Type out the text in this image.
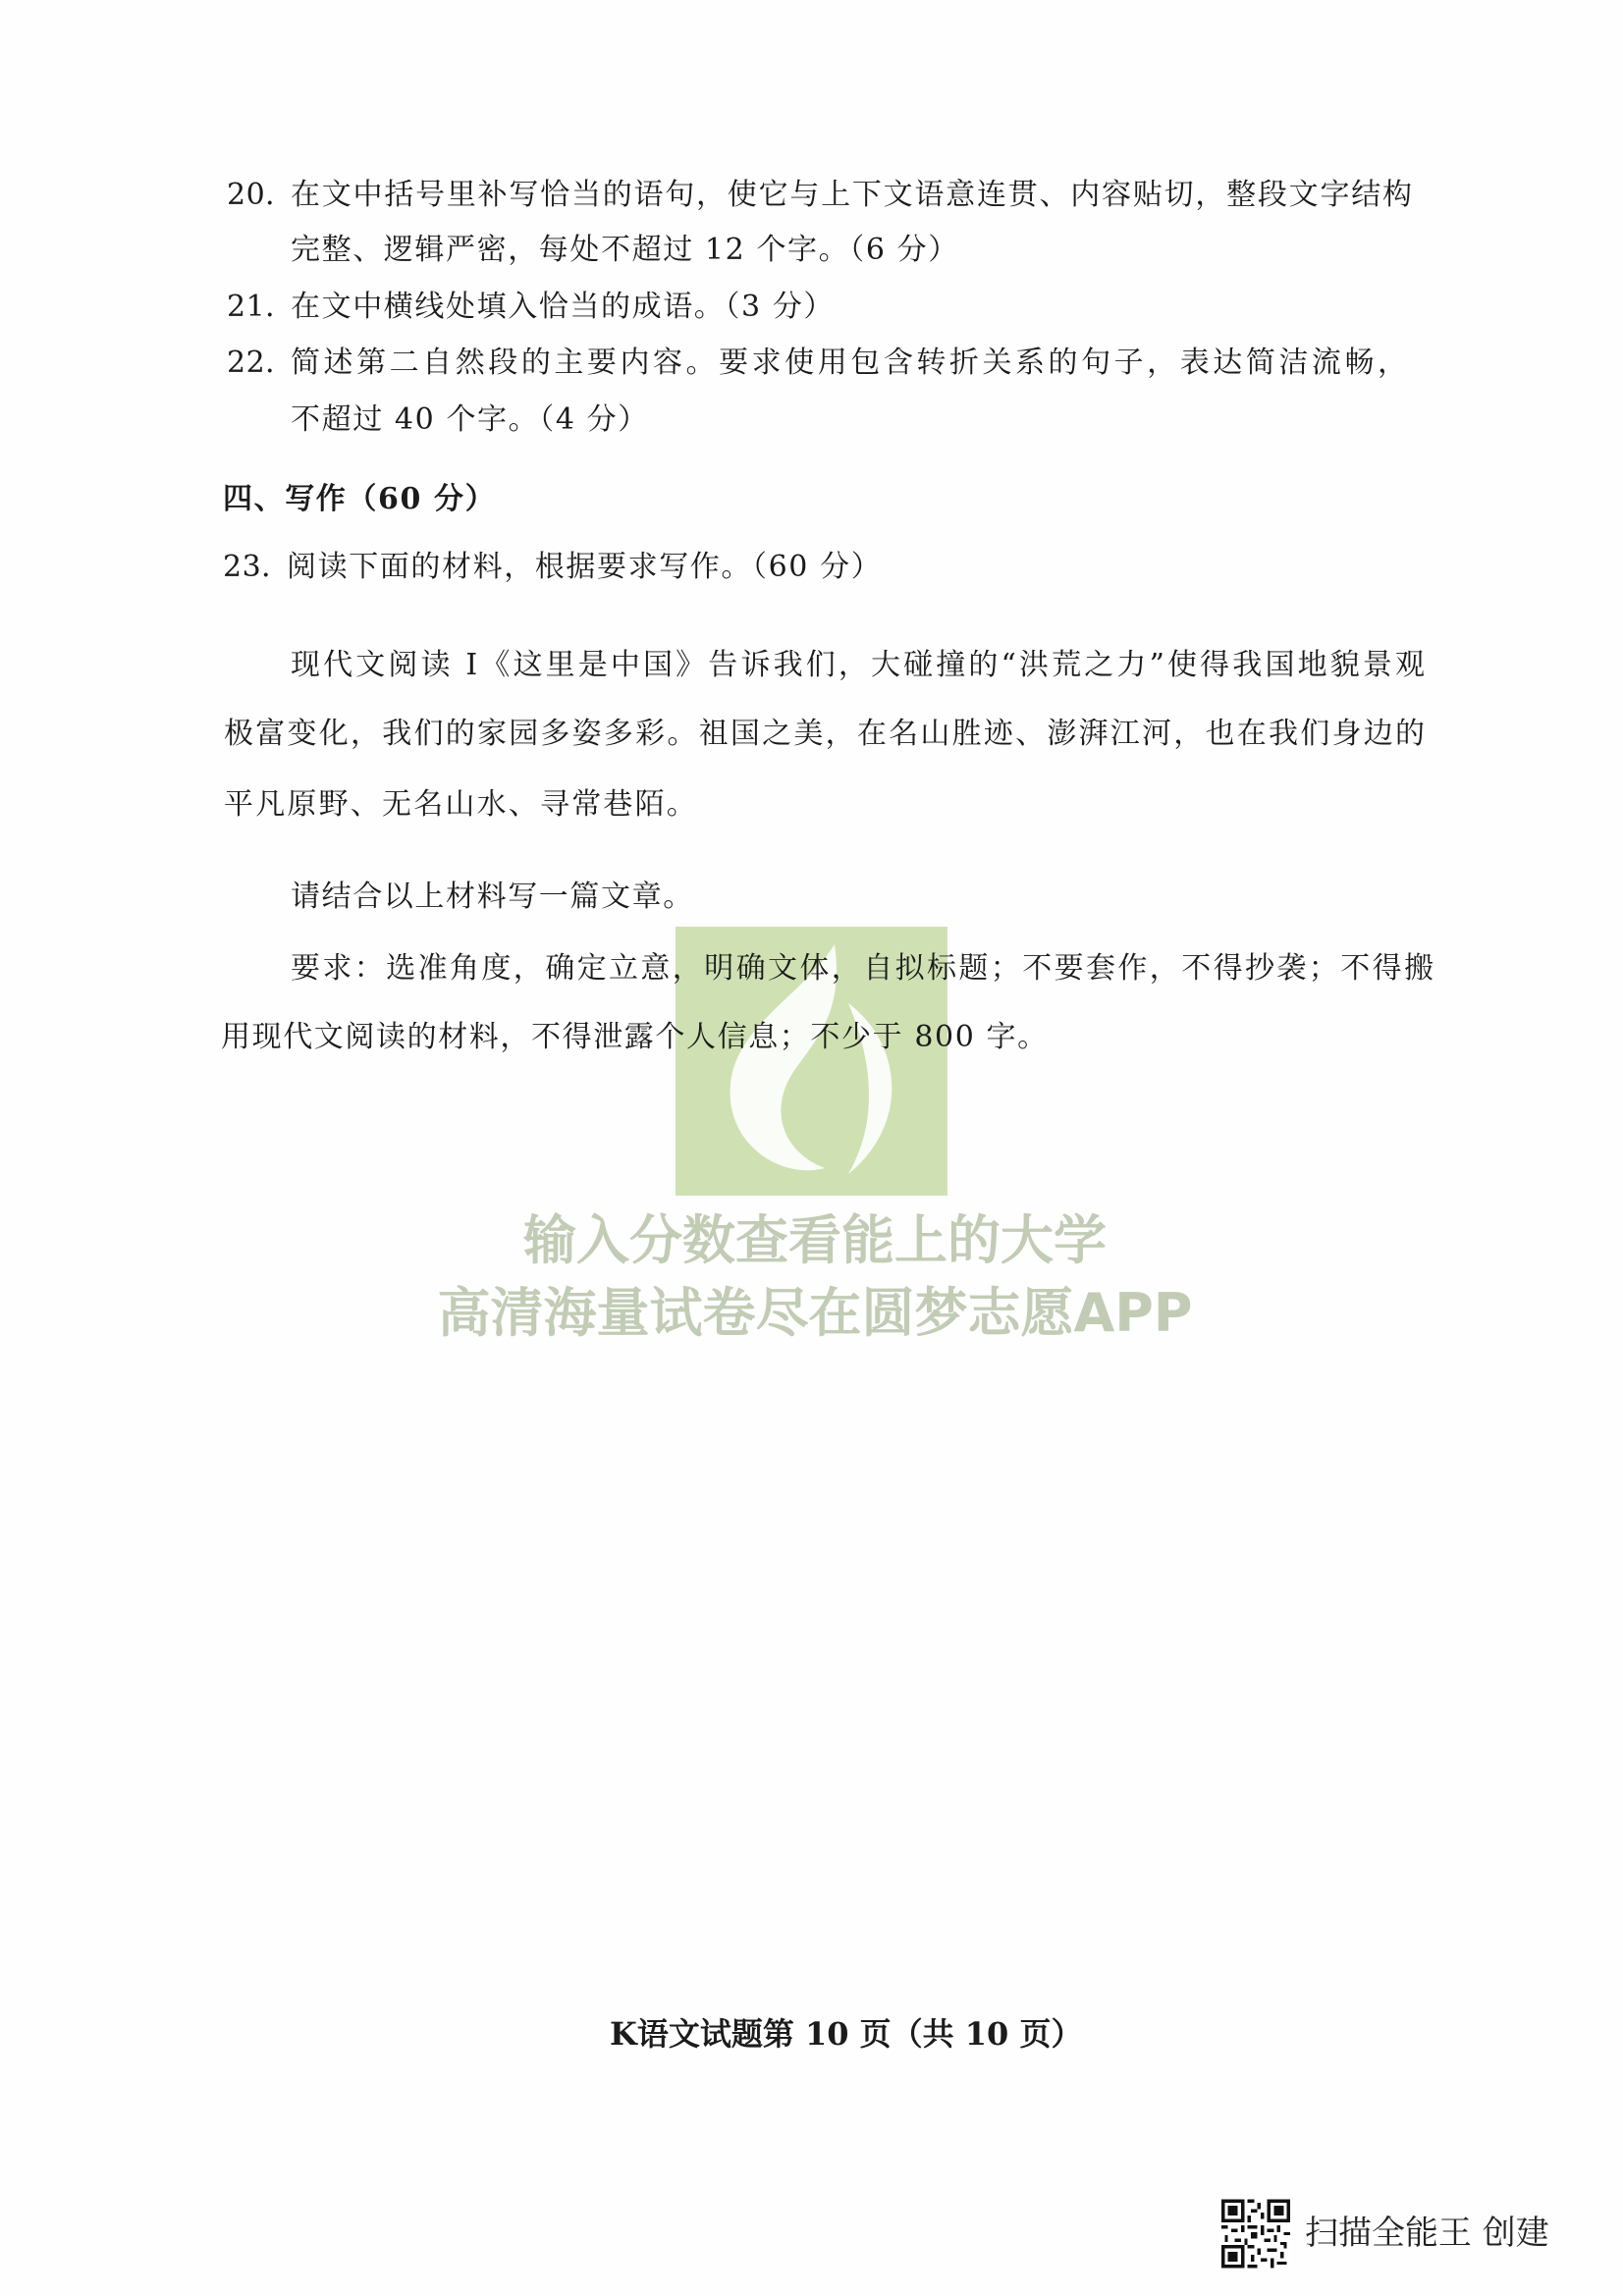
输入分数查看能上的大学
高清海量试卷尽在圆梦志愿APP
20．
在文中括号里补写恰当的语句，使它与上下文语意连贯、内容贴切，整段文字结构
完整、逻辑严密，每处不超过 12 个字。（6 分）
21．
在文中横线处填入恰当的成语。（3 分）
22．
简述第二自然段的主要内容。要求使用包含转折关系的句子，表达简洁流畅，
不超过 40 个字。（4 分）
四、写作（60 分）
23．
阅读下面的材料，根据要求写作。（60 分）
现代文阅读 I《这里是中国》告诉我们，大碰撞的“洪荒之力”使得我国地貌景观
极富变化，我们的家园多姿多彩。祖国之美，在名山胜迹、澎湃江河，也在我们身边的
平凡原野、无名山水、寻常巷陌。
请结合以上材料写一篇文章。
要求：选准角度，确定立意，明确文体，自拟标题；不要套作，不得抄袭；不得搬
用现代文阅读的材料，不得泄露个人信息；不少于 800 字。
K语文试题第 10 页（共 10 页）
扫描全能王 创建
